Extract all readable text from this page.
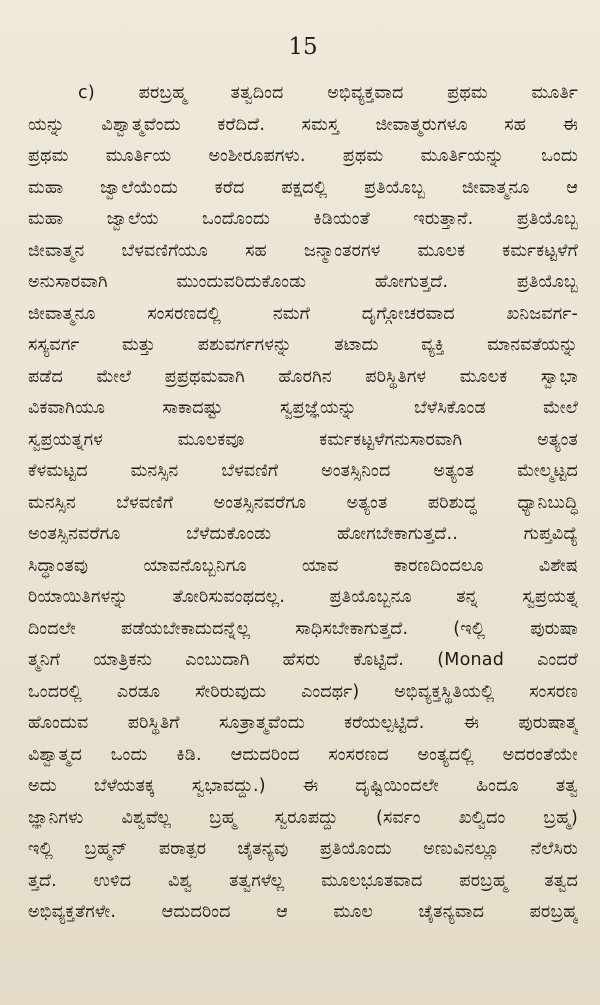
15
c) ಪರಬ್ರಹ್ಮ ತತ್ವದಿಂದ ಅಭಿವ್ಯಕ್ತವಾದ ಪ್ರಥಮ ಮೂರ್ತಿ
ಯನ್ನು ವಿಶ್ವಾತ್ಮವೆಂದು ಕರೆದಿದೆ. ಸಮಸ್ತ ಜೀವಾತ್ಮರುಗಳೂ ಸಹ ಈ
ಪ್ರಥಮ ಮೂರ್ತಿಯ ಅಂಶೀರೂಪಗಳು. ಪ್ರಥಮ ಮೂರ್ತಿಯನ್ನು ಒಂದು
ಮಹಾ ಜ್ವಾಲೆಯೆಂದು ಕರೆದ ಪಕ್ಷದಲ್ಲಿ ಪ್ರತಿಯೊಬ್ಬ ಜೀವಾತ್ಮನೂ ಆ
ಮಹಾ ಜ್ವಾಲೆಯ ಒಂದೊಂದು ಕಿಡಿಯಂತೆ ಇರುತ್ತಾನೆ. ಪ್ರತಿಯೊಬ್ಬ
ಜೀವಾತ್ಮನ ಬೆಳವಣಿಗೆಯೂ ಸಹ ಜನ್ಮಾಂತರಗಳ ಮೂಲಕ ಕರ್ಮಕಟ್ಟಳೆಗೆ
ಅನುಸಾರವಾಗಿ ಮುಂದುವರಿದುಕೊಂಡು ಹೋಗುತ್ತದೆ. ಪ್ರತಿಯೊಬ್ಬ
ಜೀವಾತ್ಮನೂ ಸಂಸರಣದಲ್ಲಿ ನಮಗೆ ದೃಗ್ಗೋಚರವಾದ ಖನಿಜವರ್ಗ-
ಸಸ್ಯವರ್ಗ ಮತ್ತು ಪಶುವರ್ಗಗಳನ್ನು ತಟಾದು ವ್ಯಕ್ತಿ ಮಾನವತೆಯನ್ನು
ಪಡೆದ ಮೇಲೆ ಪ್ರಪ್ರಥಮವಾಗಿ ಹೊರಗಿನ ಪರಿಸ್ಥಿತಿಗಳ ಮೂಲಕ ಸ್ವಾಭಾ
ವಿಕವಾಗಿಯೂ ಸಾಕಾದಷ್ಟು ಸ್ವಪ್ರಜ್ಞೆಯನ್ನು ಬೆಳೆಸಿಕೊಂಡ ಮೇಲೆ
ಸ್ವಪ್ರಯತ್ನಗಳ ಮೂಲಕವೂ ಕರ್ಮಕಟ್ಟಳೆಗನುಸಾರವಾಗಿ ಅತ್ಯಂತ
ಕೆಳಮಟ್ಟದ ಮನಸ್ಸಿನ ಬೆಳವಣಿಗೆ ಅಂತಸ್ಸಿನಿಂದ ಅತ್ಯಂತ ಮೇಲ್ಮಟ್ಟದ
ಮನಸ್ಸಿನ ಬೆಳವಣಿಗೆ ಅಂತಸ್ಸಿನವರೆಗೂ ಅತ್ಯಂತ ಪರಿಶುದ್ಧ ಧ್ಯಾನಿಬುದ್ಧಿ
ಅಂತಸ್ಸಿನವರೆಗೂ ಬೆಳೆದುಕೊಂಡು ಹೋಗಬೇಕಾಗುತ್ತದೆ.. ಗುಪ್ತವಿದ್ಯೆ
ಸಿದ್ಧಾಂತವು ಯಾವನೊಬ್ಬನಿಗೂ ಯಾವ ಕಾರಣದಿಂದಲೂ ವಿಶೇಷ
ರಿಯಾಯಿತಿಗಳನ್ನು ತೋರಿಸುವಂಥದಲ್ಲ. ಪ್ರತಿಯೊಬ್ಬನೂ ತನ್ನ ಸ್ವಪ್ರಯತ್ನ
ದಿಂದಲೇ ಪಡೆಯಬೇಕಾದುದನ್ನೆಲ್ಲ ಸಾಧಿಸಬೇಕಾಗುತ್ತದೆ. (ಇಲ್ಲಿ ಪುರುಷಾ
ತ್ಮನಿಗೆ ಯಾತ್ರಿಕನು ಎಂಬುದಾಗಿ ಹೆಸರು ಕೊಟ್ಟಿದೆ. (Monad ಎಂದರೆ
ಒಂದರಲ್ಲಿ ಎರಡೂ ಸೇರಿರುವುದು ಎಂದರ್ಥ) ಅಭಿವ್ಯಕ್ತಸ್ಥಿತಿಯಲ್ಲಿ ಸಂಸರಣ
ಹೊಂದುವ ಪರಿಸ್ಥಿತಿಗೆ ಸೂತ್ರಾತ್ಮವೆಂದು ಕರೆಯಲ್ಪಟ್ಟಿದೆ. ಈ ಪುರುಷಾತ್ಮ
ವಿಶ್ವಾತ್ಮದ ಒಂದು ಕಿಡಿ. ಆದುದರಿಂದ ಸಂಸರಣದ ಅಂತ್ಯದಲ್ಲಿ ಅದರಂತೆಯೇ
ಅದು ಬೆಳೆಯತಕ್ಕ ಸ್ವಭಾವದ್ದು.) ಈ ದೃಷ್ಟಿಯಿಂದಲೇ ಹಿಂದೂ ತತ್ವ
ಜ್ಞಾನಿಗಳು ವಿಶ್ವವೆಲ್ಲ ಬ್ರಹ್ಮ ಸ್ವರೂಪದ್ದು (ಸರ್ವಂ ಖಲ್ವಿದಂ ಬ್ರಹ್ಮ)
ಇಲ್ಲಿ ಬ್ರಹ್ಮನ್ ಪರಾತ್ಪರ ಚೈತನ್ಯವು ಪ್ರತಿಯೊಂದು ಅಣುವಿನಲ್ಲೂ ನೆಲೆಸಿರು
ತ್ತದೆ. ಉಳಿದ ವಿಶ್ವ ತತ್ವಗಳೆಲ್ಲ ಮೂಲಭೂತವಾದ ಪರಬ್ರಹ್ಮ ತತ್ವದ
ಅಭಿವ್ಯಕ್ತತೆಗಳೇ. ಆದುದರಿಂದ ಆ ಮೂಲ ಚೈತನ್ಯವಾದ ಪರಬ್ರಹ್ಮ
